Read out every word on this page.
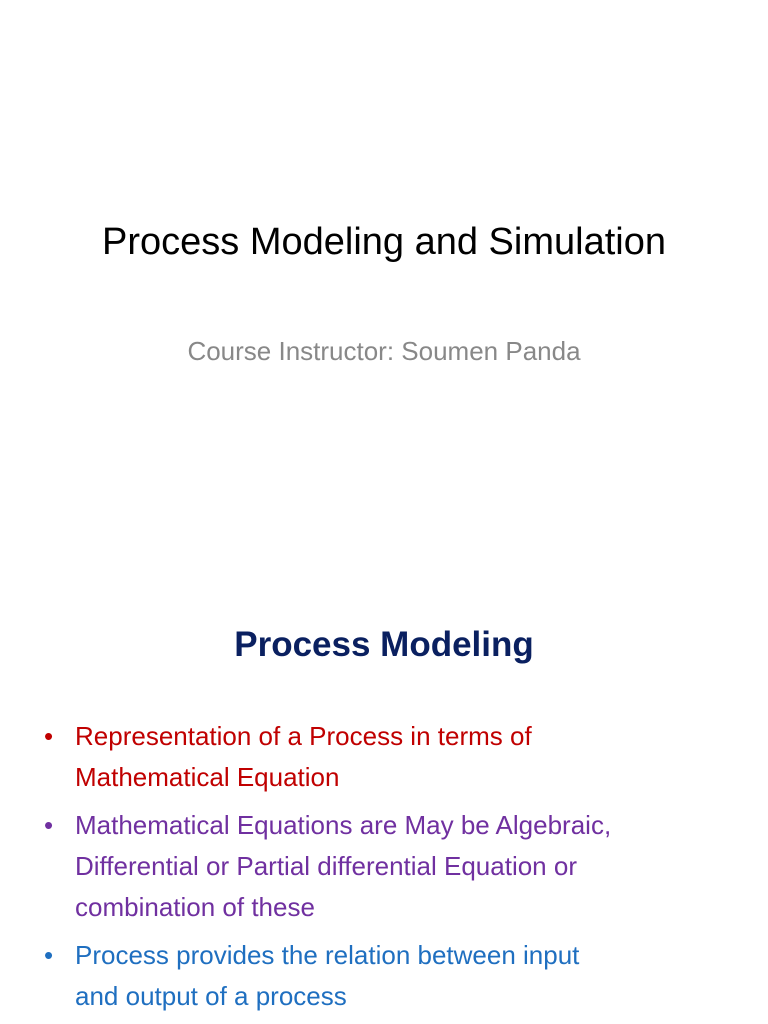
Process Modeling and Simulation
Course Instructor: Soumen Panda
Process Modeling
• Representation of a Process in terms of
Mathematical Equation
• Mathematical Equations are May be Algebraic,
Differential or Partial differential Equation or
combination of these
• Process provides the relation between input
and output of a process
